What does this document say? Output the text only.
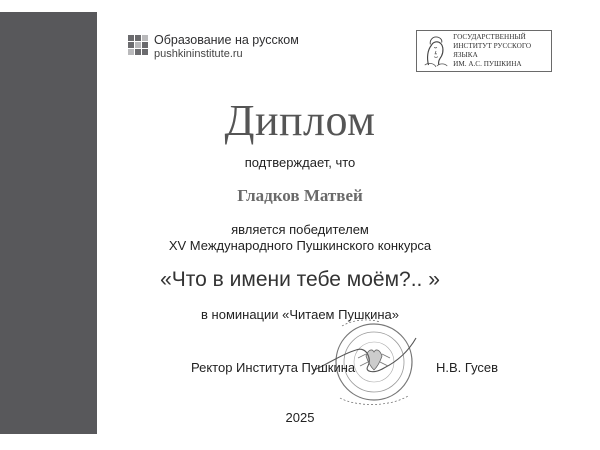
Образование на русском
pushkininstitute.ru
ГОСУДАРСТВЕННЫЙ
ИНСТИТУТ РУССКОГО ЯЗЫКА
ИМ. А.С. ПУШКИНА
Диплом
подтверждает, что
Гладков Матвей
является победителем
XV Международного Пушкинского конкурса
«Что в имени тебе моём?.. »
в номинации «Читаем Пушкина»
Ректор Института Пушкина	Н.В. Гусев
2025
